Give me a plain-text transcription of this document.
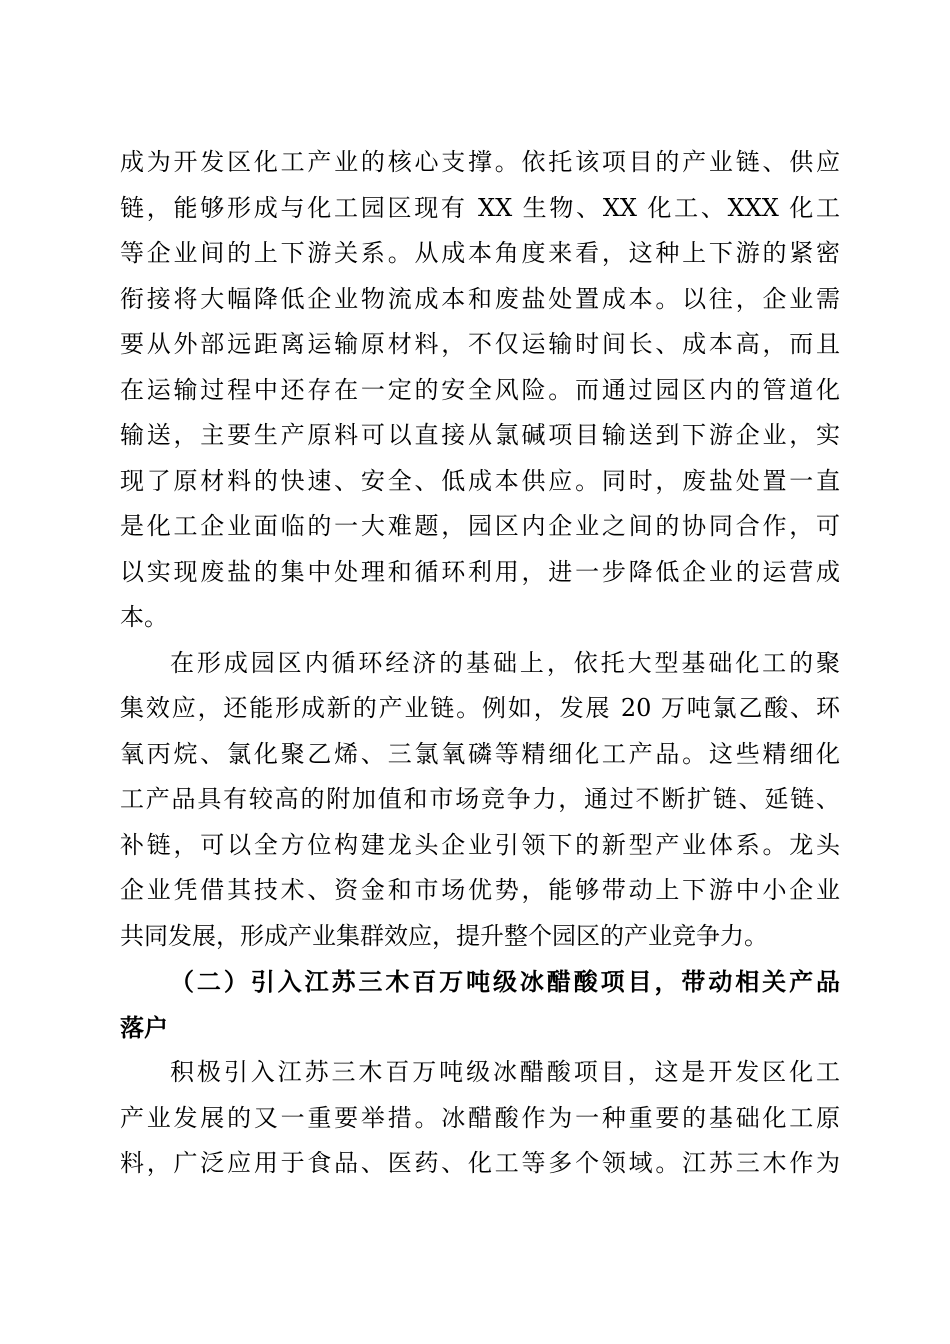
成为开发区化工产业的核心支撑。依托该项目的产业链、供应
链，能够形成与化工园区现有 XX 生物、XX 化工、XXX 化工
等企业间的上下游关系。从成本角度来看，这种上下游的紧密
衔接将大幅降低企业物流成本和废盐处置成本。以往，企业需
要从外部远距离运输原材料，不仅运输时间长、成本高，而且
在运输过程中还存在一定的安全风险。而通过园区内的管道化
输送，主要生产原料可以直接从氯碱项目输送到下游企业，实
现了原材料的快速、安全、低成本供应。同时，废盐处置一直
是化工企业面临的一大难题，园区内企业之间的协同合作，可
以实现废盐的集中处理和循环利用，进一步降低企业的运营成
本。
在形成园区内循环经济的基础上，依托大型基础化工的聚
集效应，还能形成新的产业链。例如，发展 20 万吨氯乙酸、环
氧丙烷、氯化聚乙烯、三氯氧磷等精细化工产品。这些精细化
工产品具有较高的附加值和市场竞争力，通过不断扩链、延链、
补链，可以全方位构建龙头企业引领下的新型产业体系。龙头
企业凭借其技术、资金和市场优势，能够带动上下游中小企业
共同发展，形成产业集群效应，提升整个园区的产业竞争力。
（二）引入江苏三木百万吨级冰醋酸项目，带动相关产品
落户
积极引入江苏三木百万吨级冰醋酸项目，这是开发区化工
产业发展的又一重要举措。冰醋酸作为一种重要的基础化工原
料，广泛应用于食品、医药、化工等多个领域。江苏三木作为
